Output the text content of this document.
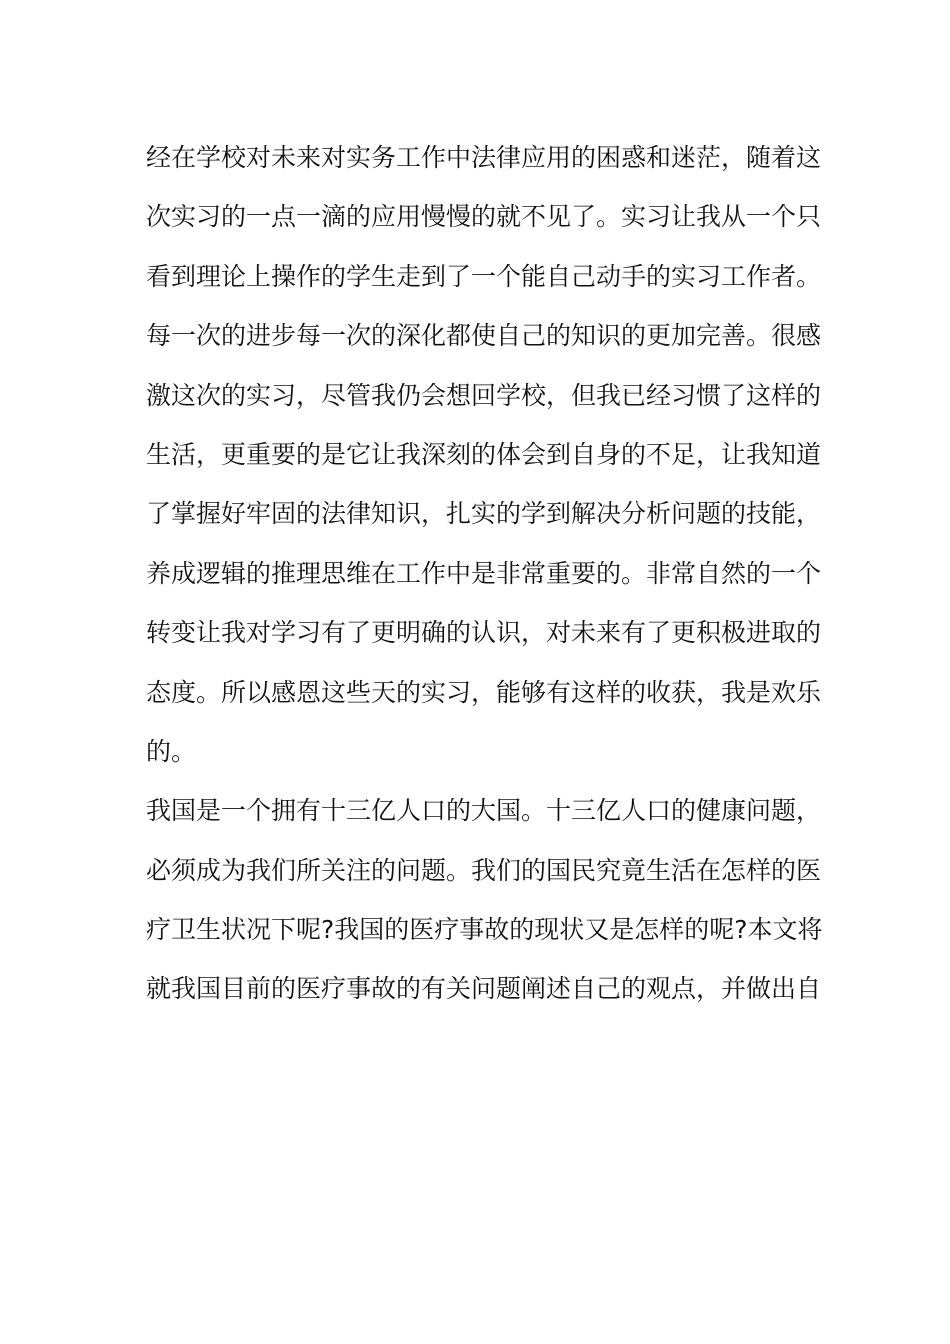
经在学校对未来对实务工作中法律应用的困惑和迷茫，随着这
次实习的一点一滴的应用慢慢的就不见了。实习让我从一个只
看到理论上操作的学生走到了一个能自己动手的实习工作者。
每一次的进步每一次的深化都使自己的知识的更加完善。很感
激这次的实习，尽管我仍会想回学校，但我已经习惯了这样的
生活，更重要的是它让我深刻的体会到自身的不足，让我知道
了掌握好牢固的法律知识，扎实的学到解决分析问题的技能，
养成逻辑的推理思维在工作中是非常重要的。非常自然的一个
转变让我对学习有了更明确的认识，对未来有了更积极进取的
态度。所以感恩这些天的实习，能够有这样的收获，我是欢乐
的。
我国是一个拥有十三亿人口的大国。十三亿人口的健康问题，
必须成为我们所关注的问题。我们的国民究竟生活在怎样的医
疗卫生状况下呢?我国的医疗事故的现状又是怎样的呢?本文将
就我国目前的医疗事故的有关问题阐述自己的观点，并做出自
